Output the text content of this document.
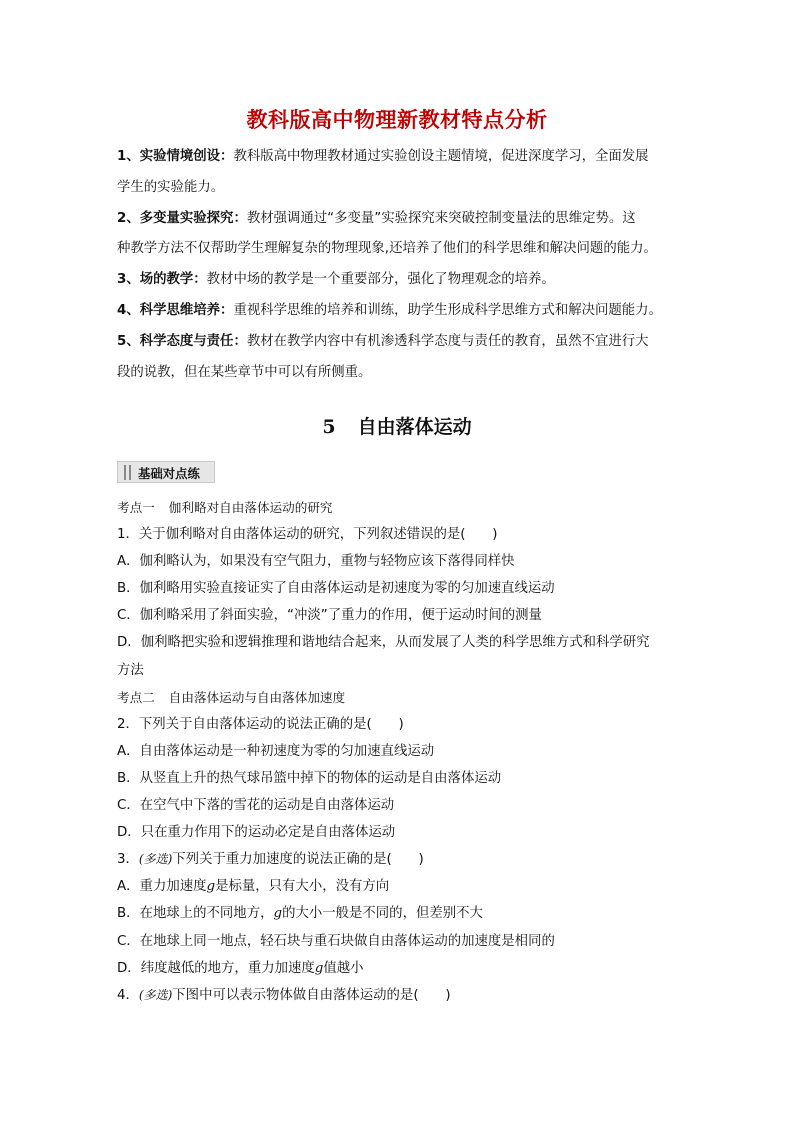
教科版高中物理新教材特点分析

1、实验情境创设：教科版高中物理教材通过实验创设主题情境，促进深度学习，全面发展

学生的实验能力。

2、多变量实验探究：教材强调通过“多变量”实验探究来突破控制变量法的思维定势。这

种教学方法不仅帮助学生理解复杂的物理现象,还培养了他们的科学思维和解决问题的能力。

3、场的教学：教材中场的教学是一个重要部分，强化了物理观念的培养。

4、科学思维培养：重视科学思维的培养和训练，助学生形成科学思维方式和解决问题能力。

5、科学态度与责任：教材在教学内容中有机渗透科学态度与责任的教育，虽然不宜进行大

段的说教，但在某些章节中可以有所侧重。

5 自由落体运动
基础对点练

考点一 伽利略对自由落体运动的研究

1．关于伽利略对自由落体运动的研究，下列叙述错误的是(　　)

A．伽利略认为，如果没有空气阻力，重物与轻物应该下落得同样快

B．伽利略用实验直接证实了自由落体运动是初速度为零的匀加速直线运动

C．伽利略采用了斜面实验，“冲淡”了重力的作用，便于运动时间的测量

D．伽利略把实验和逻辑推理和谐地结合起来，从而发展了人类的科学思维方式和科学研究

方法

考点二 自由落体运动与自由落体加速度

2．下列关于自由落体运动的说法正确的是(　　)

A．自由落体运动是一种初速度为零的匀加速直线运动

B．从竖直上升的热气球吊篮中掉下的物体的运动是自由落体运动

C．在空气中下落的雪花的运动是自由落体运动

D．只在重力作用下的运动必定是自由落体运动

3．(多选)下列关于重力加速度的说法正确的是(　　)

A．重力加速度g是标量，只有大小，没有方向

B．在地球上的不同地方，g的大小一般是不同的，但差别不大

C．在地球上同一地点，轻石块与重石块做自由落体运动的加速度是相同的

D．纬度越低的地方，重力加速度g值越小

4．(多选)下图中可以表示物体做自由落体运动的是(　　)
